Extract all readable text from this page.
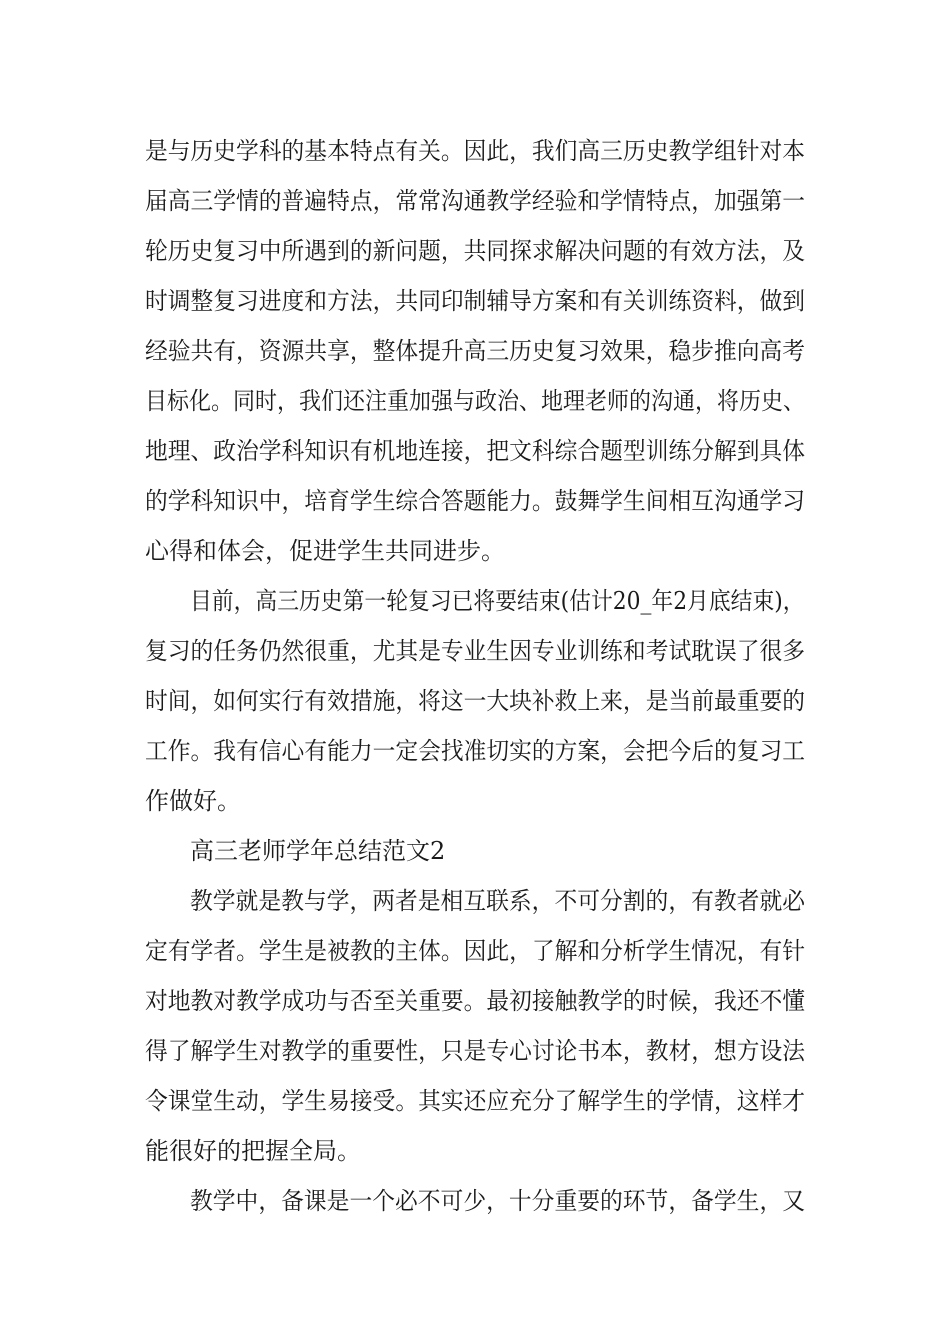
是与历史学科的基本特点有关。因此，我们高三历史教学组针对本
届高三学情的普遍特点，常常沟通教学经验和学情特点，加强第一
轮历史复习中所遇到的新问题，共同探求解决问题的有效方法，及
时调整复习进度和方法，共同印制辅导方案和有关训练资料，做到
经验共有，资源共享，整体提升高三历史复习效果，稳步推向高考
目标化。同时，我们还注重加强与政治、地理老师的沟通，将历史、
地理、政治学科知识有机地连接，把文科综合题型训练分解到具体
的学科知识中，培育学生综合答题能力。鼓舞学生间相互沟通学习
心得和体会，促进学生共同进步。
目前，高三历史第一轮复习已将要结束(估计20_年2月底结束)，
复习的任务仍然很重，尤其是专业生因专业训练和考试耽误了很多
时间，如何实行有效措施，将这一大块补救上来，是当前最重要的
工作。我有信心有能力一定会找准切实的方案，会把今后的复习工
作做好。
高三老师学年总结范文2
教学就是教与学，两者是相互联系，不可分割的，有教者就必
定有学者。学生是被教的主体。因此，了解和分析学生情况，有针
对地教对教学成功与否至关重要。最初接触教学的时候，我还不懂
得了解学生对教学的重要性，只是专心讨论书本，教材，想方设法
令课堂生动，学生易接受。其实还应充分了解学生的学情，这样才
能很好的把握全局。
教学中，备课是一个必不可少，十分重要的环节，备学生，又
